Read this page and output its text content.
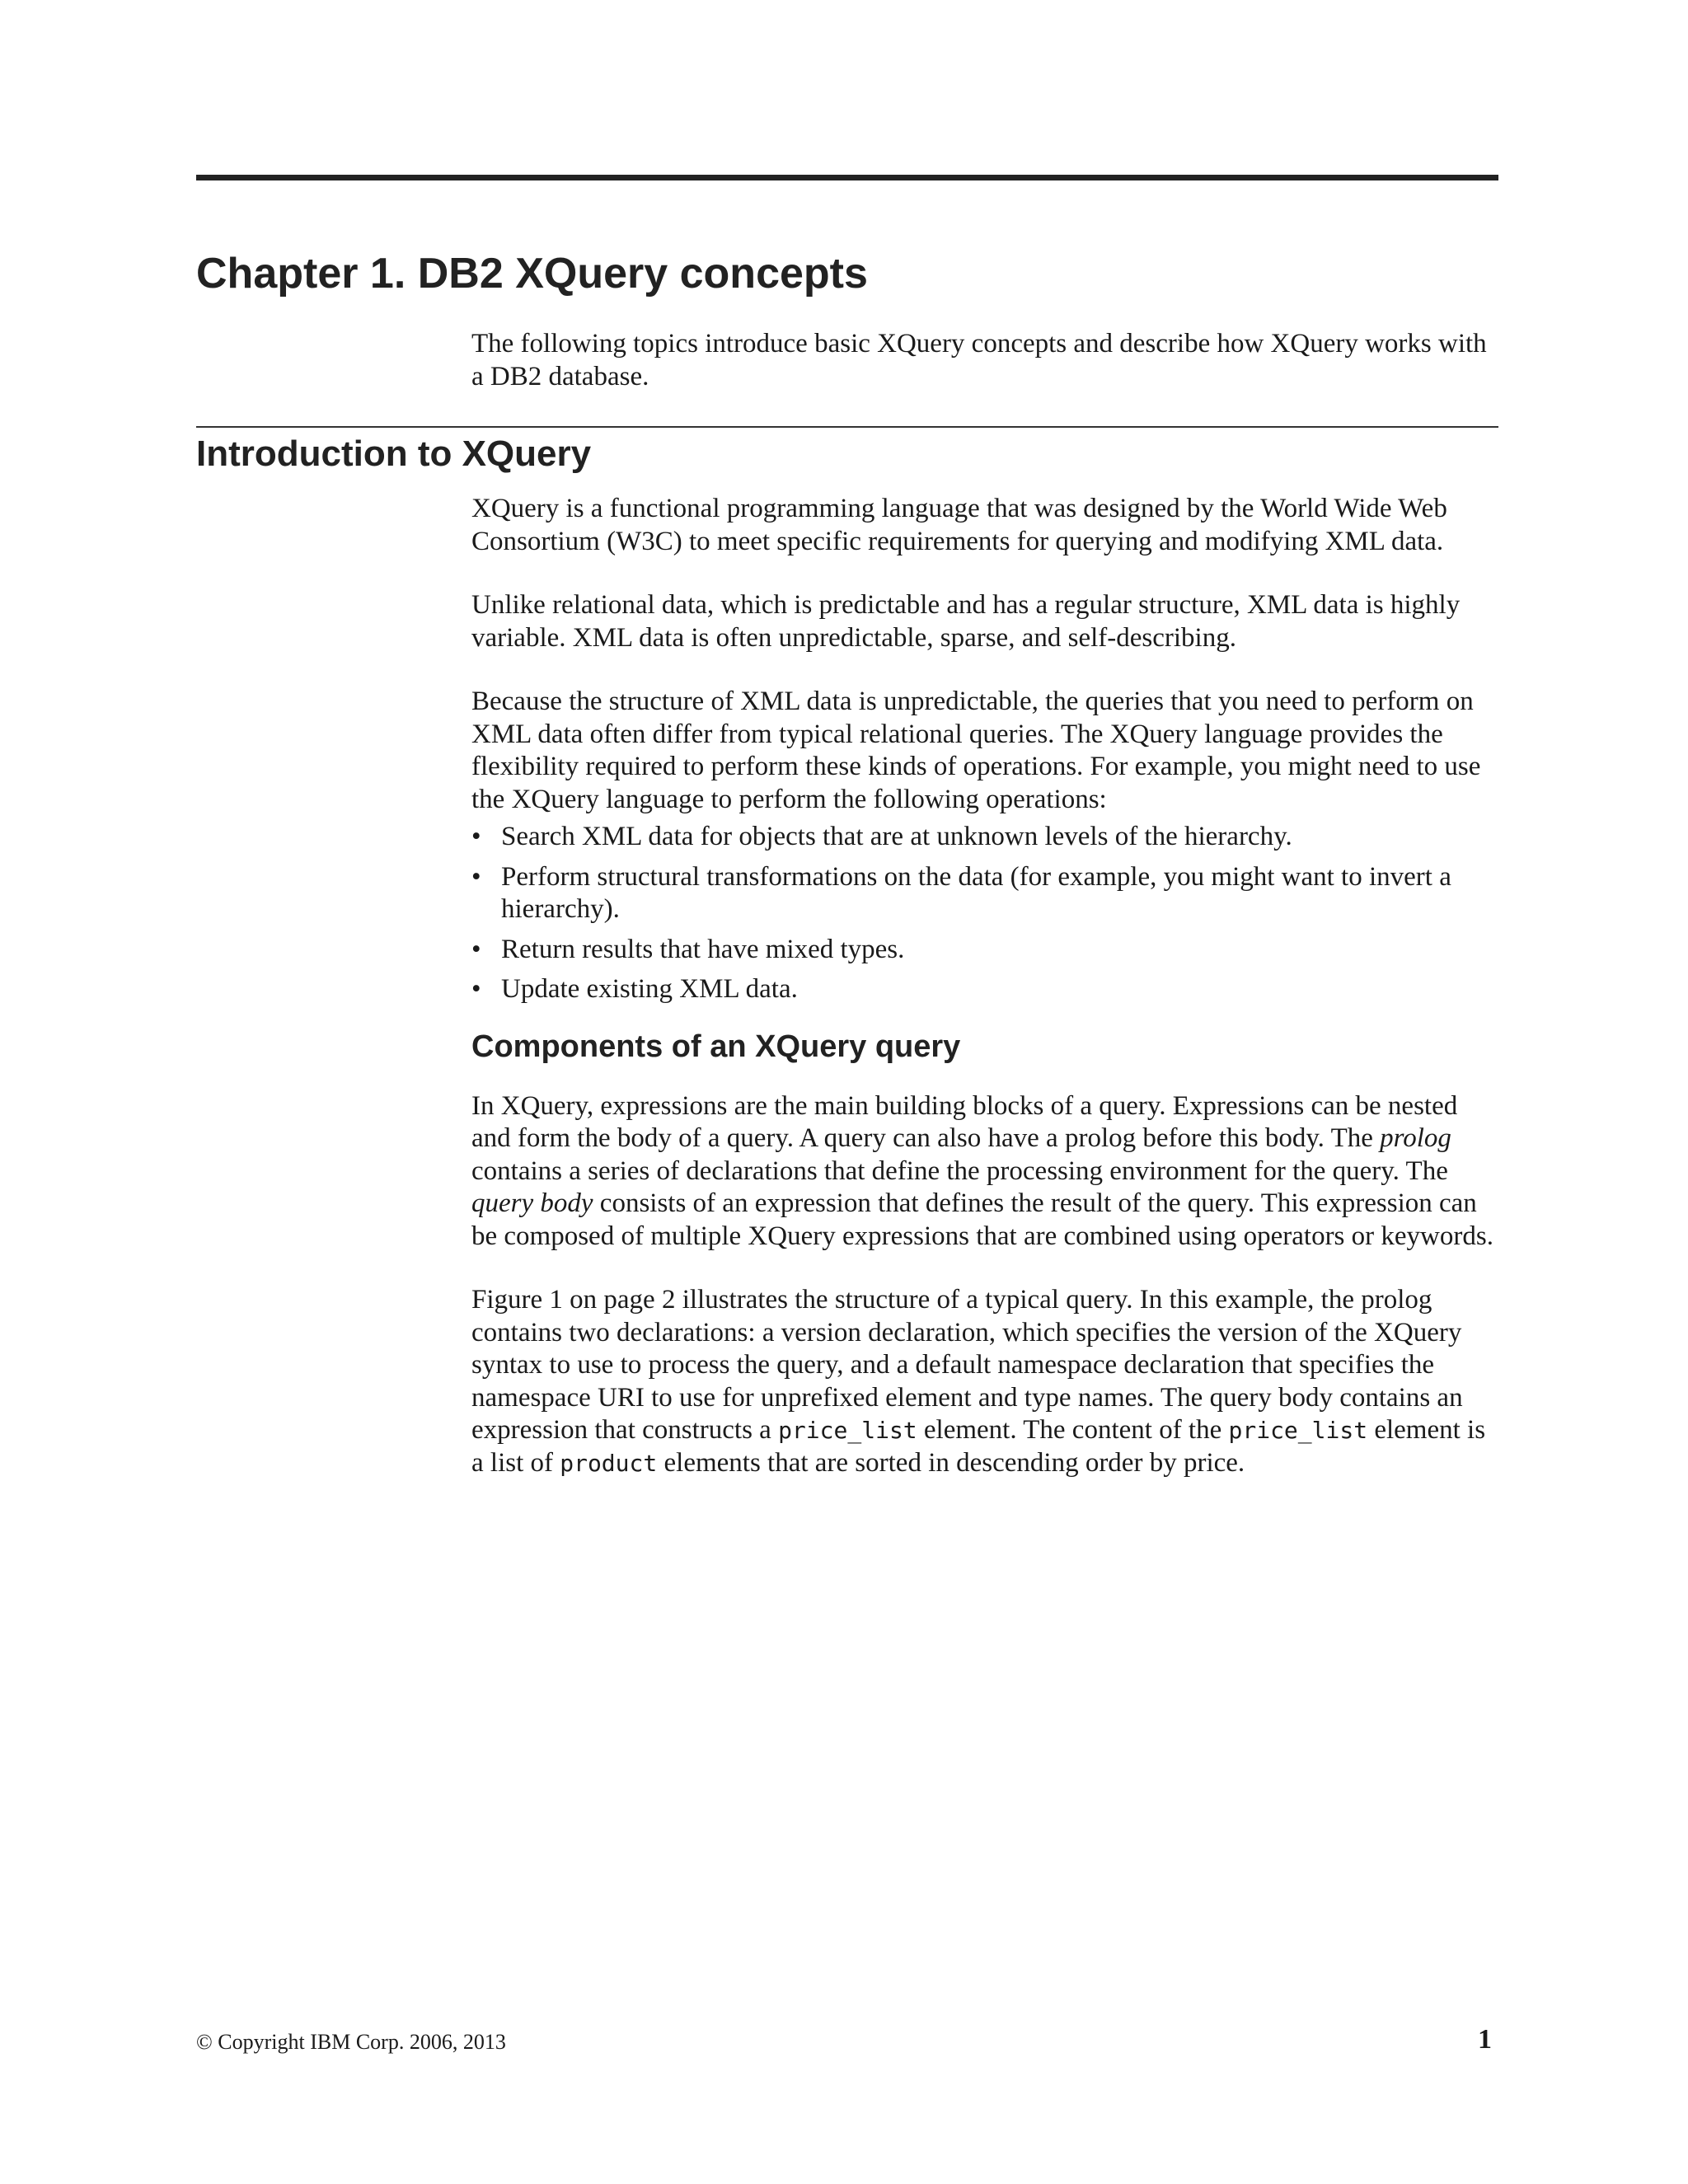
Chapter 1. DB2 XQuery concepts

The following topics introduce basic XQuery concepts and describe how XQuery works with a DB2 database.

Introduction to XQuery

XQuery is a functional programming language that was designed by the World Wide Web Consortium (W3C) to meet specific requirements for querying and modifying XML data.

Unlike relational data, which is predictable and has a regular structure, XML data is highly variable. XML data is often unpredictable, sparse, and self-describing.

Because the structure of XML data is unpredictable, the queries that you need to perform on XML data often differ from typical relational queries. The XQuery language provides the flexibility required to perform these kinds of operations. For example, you might need to use the XQuery language to perform the following operations:

• Search XML data for objects that are at unknown levels of the hierarchy.
• Perform structural transformations on the data (for example, you might want to invert a hierarchy).
• Return results that have mixed types.
• Update existing XML data.
Components of an XQuery query

In XQuery, expressions are the main building blocks of a query. Expressions can be nested and form the body of a query. A query can also have a prolog before this body. The prolog contains a series of declarations that define the processing environment for the query. The query body consists of an expression that defines the result of the query. This expression can be composed of multiple XQuery expressions that are combined using operators or keywords.

Figure 1 on page 2 illustrates the structure of a typical query. In this example, the prolog contains two declarations: a version declaration, which specifies the version of the XQuery syntax to use to process the query, and a default namespace declaration that specifies the namespace URI to use for unprefixed element and type names. The query body contains an expression that constructs a price_list element. The content of the price_list element is a list of product elements that are sorted in descending order by price.

© Copyright IBM Corp. 2006, 2013	1
